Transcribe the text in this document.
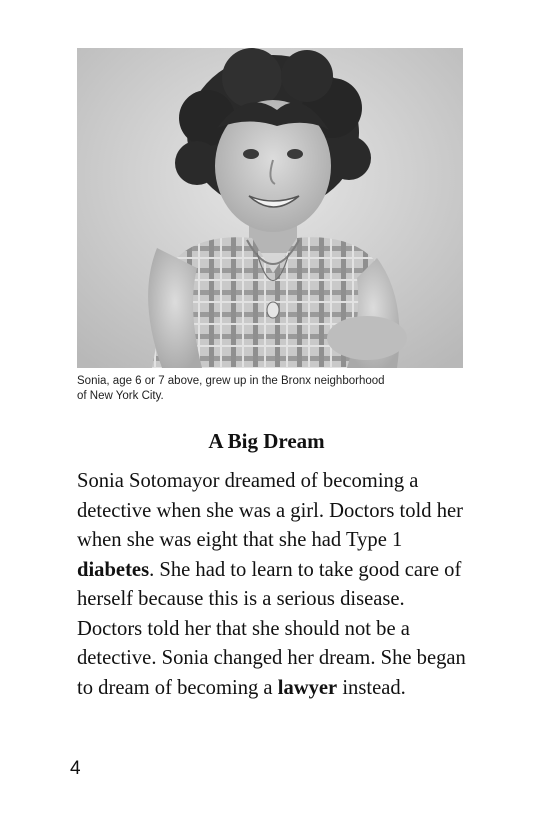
Sonia, age 6 or 7 above, grew up in the Bronx neighborhood
of New York City.
A Big Dream

Sonia Sotomayor dreamed of becoming a detective when she was a girl. Doctors told her when she was eight that she had Type 1 diabetes. She had to learn to take good care of herself because this is a serious disease. Doctors told her that she should not be a detective. Sonia changed her dream. She began to dream of becoming a lawyer instead.

4
